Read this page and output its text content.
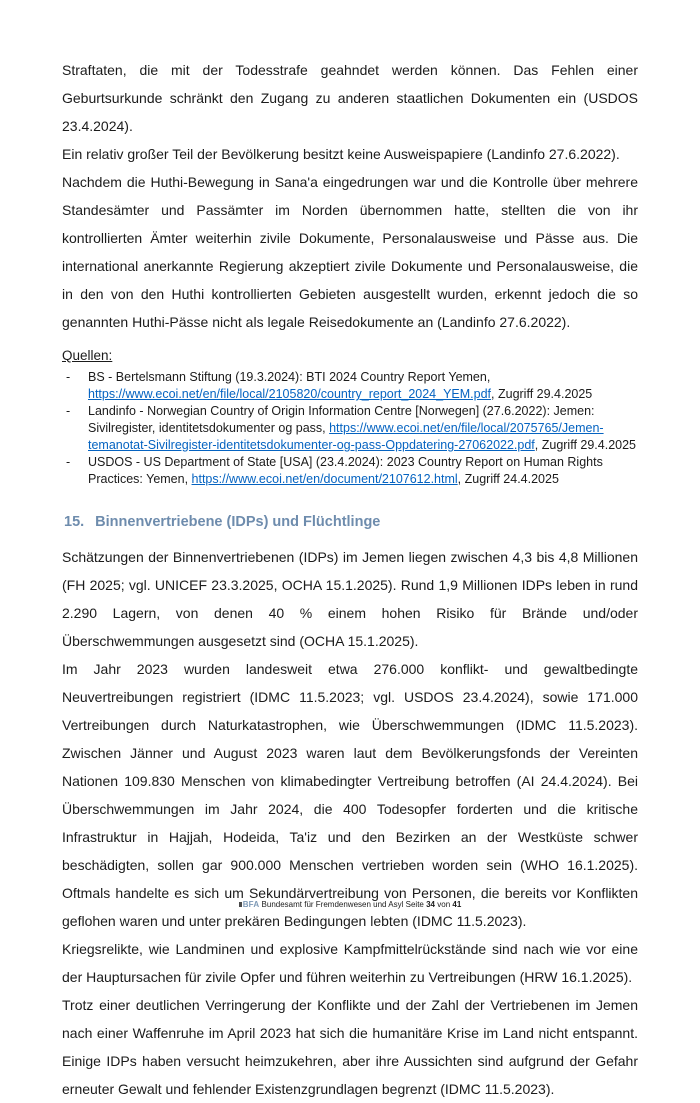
Straftaten, die mit der Todesstrafe geahndet werden können. Das Fehlen einer Geburtsurkunde schränkt den Zugang zu anderen staatlichen Dokumenten ein (USDOS 23.4.2024).

Ein relativ großer Teil der Bevölkerung besitzt keine Ausweispapiere (Landinfo 27.6.2022).

Nachdem die Huthi-Bewegung in Sana'a eingedrungen war und die Kontrolle über mehrere Standesämter und Passämter im Norden übernommen hatte, stellten die von ihr kontrollierten Ämter weiterhin zivile Dokumente, Personalausweise und Pässe aus. Die international anerkannte Regierung akzeptiert zivile Dokumente und Personalausweise, die in den von den Huthi kontrollierten Gebieten ausgestellt wurden, erkennt jedoch die so genannten Huthi-Pässe nicht als legale Reisedokumente an (Landinfo 27.6.2022).

Quellen:

-	BS - Bertelsmann Stiftung (19.3.2024): BTI 2024 Country Report Yemen, https://www.ecoi.net/en/file/local/2105820/country_report_2024_YEM.pdf, Zugriff 29.4.2025
-	Landinfo - Norwegian Country of Origin Information Centre [Norwegen] (27.6.2022): Jemen: Sivilregister, identitetsdokumenter og pass, https://www.ecoi.net/en/file/local/2075765/Jemen-temanotat-Sivilregister-identitetsdokumenter-og-pass-Oppdatering-27062022.pdf, Zugriff 29.4.2025
-	USDOS - US Department of State [USA] (23.4.2024): 2023 Country Report on Human Rights Practices: Yemen, https://www.ecoi.net/en/document/2107612.html, Zugriff 24.4.2025
15. Binnenvertriebene (IDPs) und Flüchtlinge

Schätzungen der Binnenvertriebenen (IDPs) im Jemen liegen zwischen 4,3 bis 4,8 Millionen (FH 2025; vgl. UNICEF 23.3.2025, OCHA 15.1.2025). Rund 1,9 Millionen IDPs leben in rund 2.290 Lagern, von denen 40 % einem hohen Risiko für Brände und/oder Überschwemmungen ausgesetzt sind (OCHA 15.1.2025).

Im Jahr 2023 wurden landesweit etwa 276.000 konflikt- und gewaltbedingte Neuvertreibungen registriert (IDMC 11.5.2023; vgl. USDOS 23.4.2024), sowie 171.000 Vertreibungen durch Naturkatastrophen, wie Überschwemmungen (IDMC 11.5.2023). Zwischen Jänner und August 2023 waren laut dem Bevölkerungsfonds der Vereinten Nationen 109.830 Menschen von klimabedingter Vertreibung betroffen (AI 24.4.2024). Bei Überschwemmungen im Jahr 2024, die 400 Todesopfer forderten und die kritische Infrastruktur in Hajjah, Hodeida, Ta'iz und den Bezirken an der Westküste schwer beschädigten, sollen gar 900.000 Menschen vertrieben worden sein (WHO 16.1.2025). Oftmals handelte es sich um Sekundärvertreibung von Personen, die bereits vor Konflikten geflohen waren und unter prekären Bedingungen lebten (IDMC 11.5.2023).

Kriegsrelikte, wie Landminen und explosive Kampfmittelrückstände sind nach wie vor eine der Hauptursachen für zivile Opfer und führen weiterhin zu Vertreibungen (HRW 16.1.2025).

Trotz einer deutlichen Verringerung der Konflikte und der Zahl der Vertriebenen im Jemen nach einer Waffenruhe im April 2023 hat sich die humanitäre Krise im Land nicht entspannt. Einige IDPs haben versucht heimzukehren, aber ihre Aussichten sind aufgrund der Gefahr erneuter Gewalt und fehlender Existenzgrundlagen begrenzt (IDMC 11.5.2023).

BFA Bundesamt für Fremdenwesen und Asyl Seite 34 von 41
